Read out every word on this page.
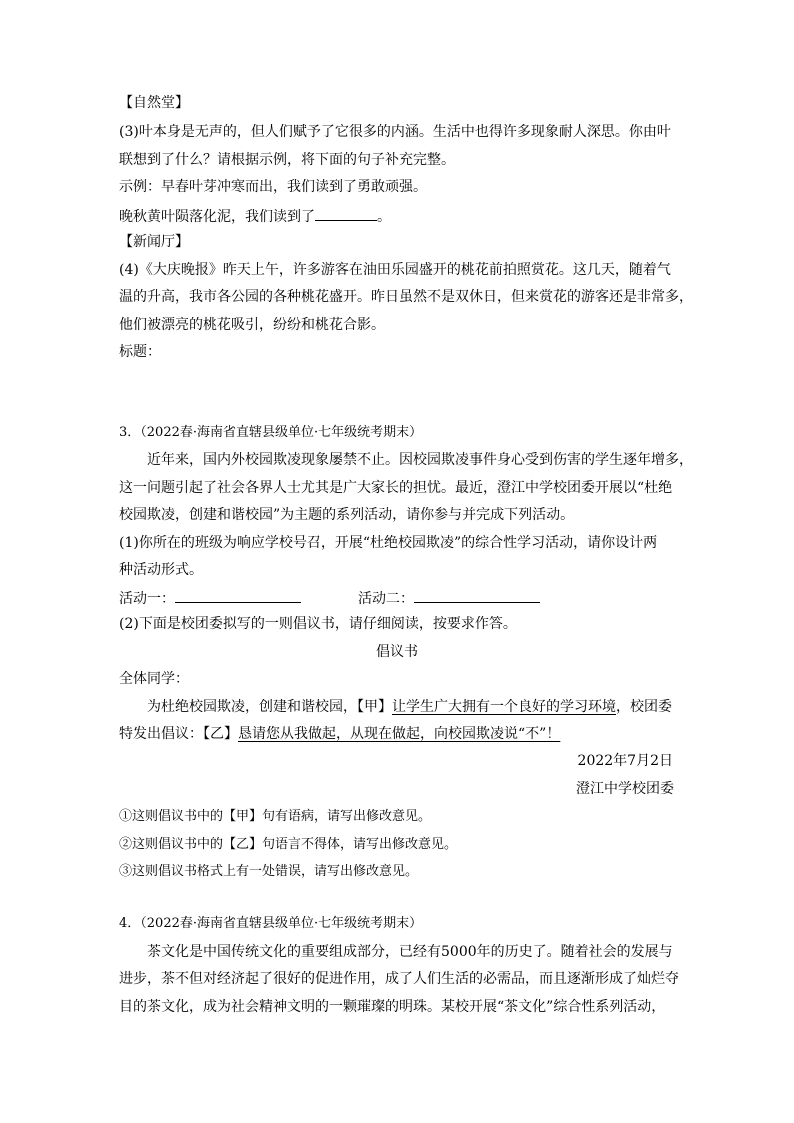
【自然堂】
(3)叶本身是无声的，但人们赋予了它很多的内涵。生活中也得许多现象耐人深思。你由叶
联想到了什么？请根据示例，将下面的句子补充完整。
示例：早春叶芽冲寒而出，我们读到了勇敢顽强。
晚秋黄叶陨落化泥，我们读到了	。
【新闻厅】
(4)《大庆晚报》昨天上午，许多游客在油田乐园盛开的桃花前拍照赏花。这几天，随着气
温的升高，我市各公园的各种桃花盛开。昨日虽然不是双休日，但来赏花的游客还是非常多，
他们被漂亮的桃花吸引，纷纷和桃花合影。
标题：
3．（2022春·海南省直辖县级单位·七年级统考期末）
近年来，国内外校园欺凌现象屡禁不止。因校园欺凌事件身心受到伤害的学生逐年增多，
这一问题引起了社会各界人士尤其是广大家长的担忧。最近，澄江中学校团委开展以“杜绝
校园欺凌，创建和谐校园”为主题的系列活动，请你参与并完成下列活动。
(1)你所在的班级为响应学校号召，开展“杜绝校园欺凌”的综合性学习活动，请你设计两
种活动形式。
活动一：	活动二：
(2)下面是校团委拟写的一则倡议书，请仔细阅读，按要求作答。
倡议书
全体同学：
为杜绝校园欺凌，创建和谐校园，【甲】让学生广大拥有一个良好的学习环境，校团委
特发出倡议：【乙】恳请您从我做起，从现在做起，向校园欺凌说“不”！
2022年7月2日
澄江中学校团委
①这则倡议书中的【甲】句有语病，请写出修改意见。
②这则倡议书中的【乙】句语言不得体，请写出修改意见。
③这则倡议书格式上有一处错误，请写出修改意见。
4．（2022春·海南省直辖县级单位·七年级统考期末）
茶文化是中国传统文化的重要组成部分，已经有5000年的历史了。随着社会的发展与
进步，茶不但对经济起了很好的促进作用，成了人们生活的必需品，而且逐渐形成了灿烂夺
目的茶文化，成为社会精神文明的一颗璀璨的明珠。某校开展“茶文化”综合性系列活动，
